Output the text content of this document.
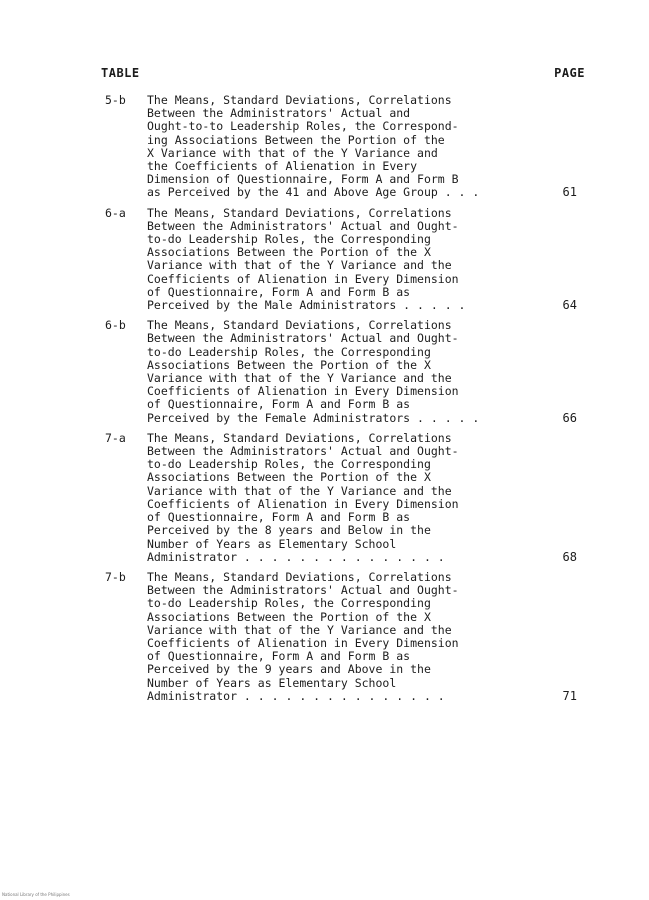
TABLE	PAGE
5-b	The Means, Standard Deviations, Correlations
Between the Administrators' Actual and
Ought-to-to Leadership Roles, the Correspond-
ing Associations Between the Portion of the
X Variance with that of the Y Variance and
the Coefficients of Alienation in Every
Dimension of Questionnaire, Form A and Form B
as Perceived by the 41 and Above Age Group . . .	61
6-a	The Means, Standard Deviations, Correlations
Between the Administrators' Actual and Ought-
to-do Leadership Roles, the Corresponding
Associations Between the Portion of the X
Variance with that of the Y Variance and the
Coefficients of Alienation in Every Dimension
of Questionnaire, Form A and Form B as
Perceived by the Male Administrators . . . . .	64
6-b	The Means, Standard Deviations, Correlations
Between the Administrators' Actual and Ought-
to-do Leadership Roles, the Corresponding
Associations Between the Portion of the X
Variance with that of the Y Variance and the
Coefficients of Alienation in Every Dimension
of Questionnaire, Form A and Form B as
Perceived by the Female Administrators . . . . .	66
7-a	The Means, Standard Deviations, Correlations
Between the Administrators' Actual and Ought-
to-do Leadership Roles, the Corresponding
Associations Between the Portion of the X
Variance with that of the Y Variance and the
Coefficients of Alienation in Every Dimension
of Questionnaire, Form A and Form B as
Perceived by the 8 years and Below in the
Number of Years as Elementary School
Administrator . . . . . . . . . . . . . . .	68
7-b	The Means, Standard Deviations, Correlations
Between the Administrators' Actual and Ought-
to-do Leadership Roles, the Corresponding
Associations Between the Portion of the X
Variance with that of the Y Variance and the
Coefficients of Alienation in Every Dimension
of Questionnaire, Form A and Form B as
Perceived by the 9 years and Above in the
Number of Years as Elementary School
Administrator . . . . . . . . . . . . . . .	71
National Library of the Philippines
